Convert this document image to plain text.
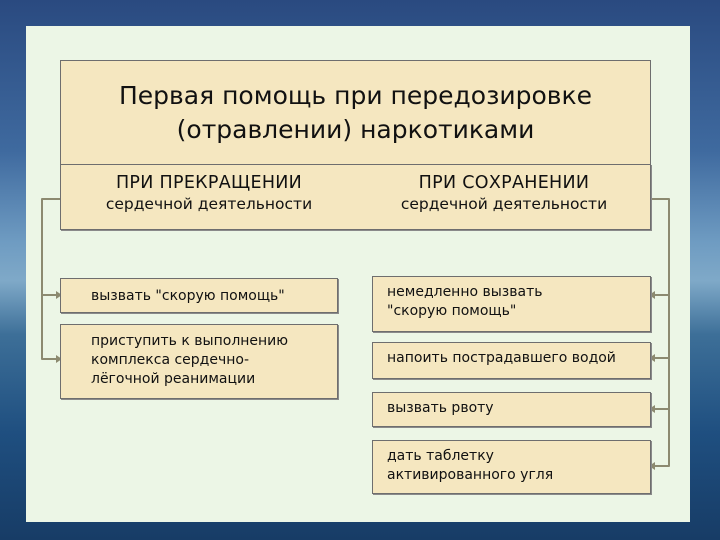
Первая помощь при передозировке
(отравлении) наркотиками
ПРИ ПРЕКРАЩЕНИИ
сердечной деятельности
ПРИ СОХРАНЕНИИ
сердечной деятельности
вызвать "скорую помощь"
приступить к выполнению
комплекса сердечно-
лёгочной реанимации
немедленно вызвать
"скорую помощь"
напоить пострадавшего водой
вызвать рвоту
дать таблетку
активированного угля
